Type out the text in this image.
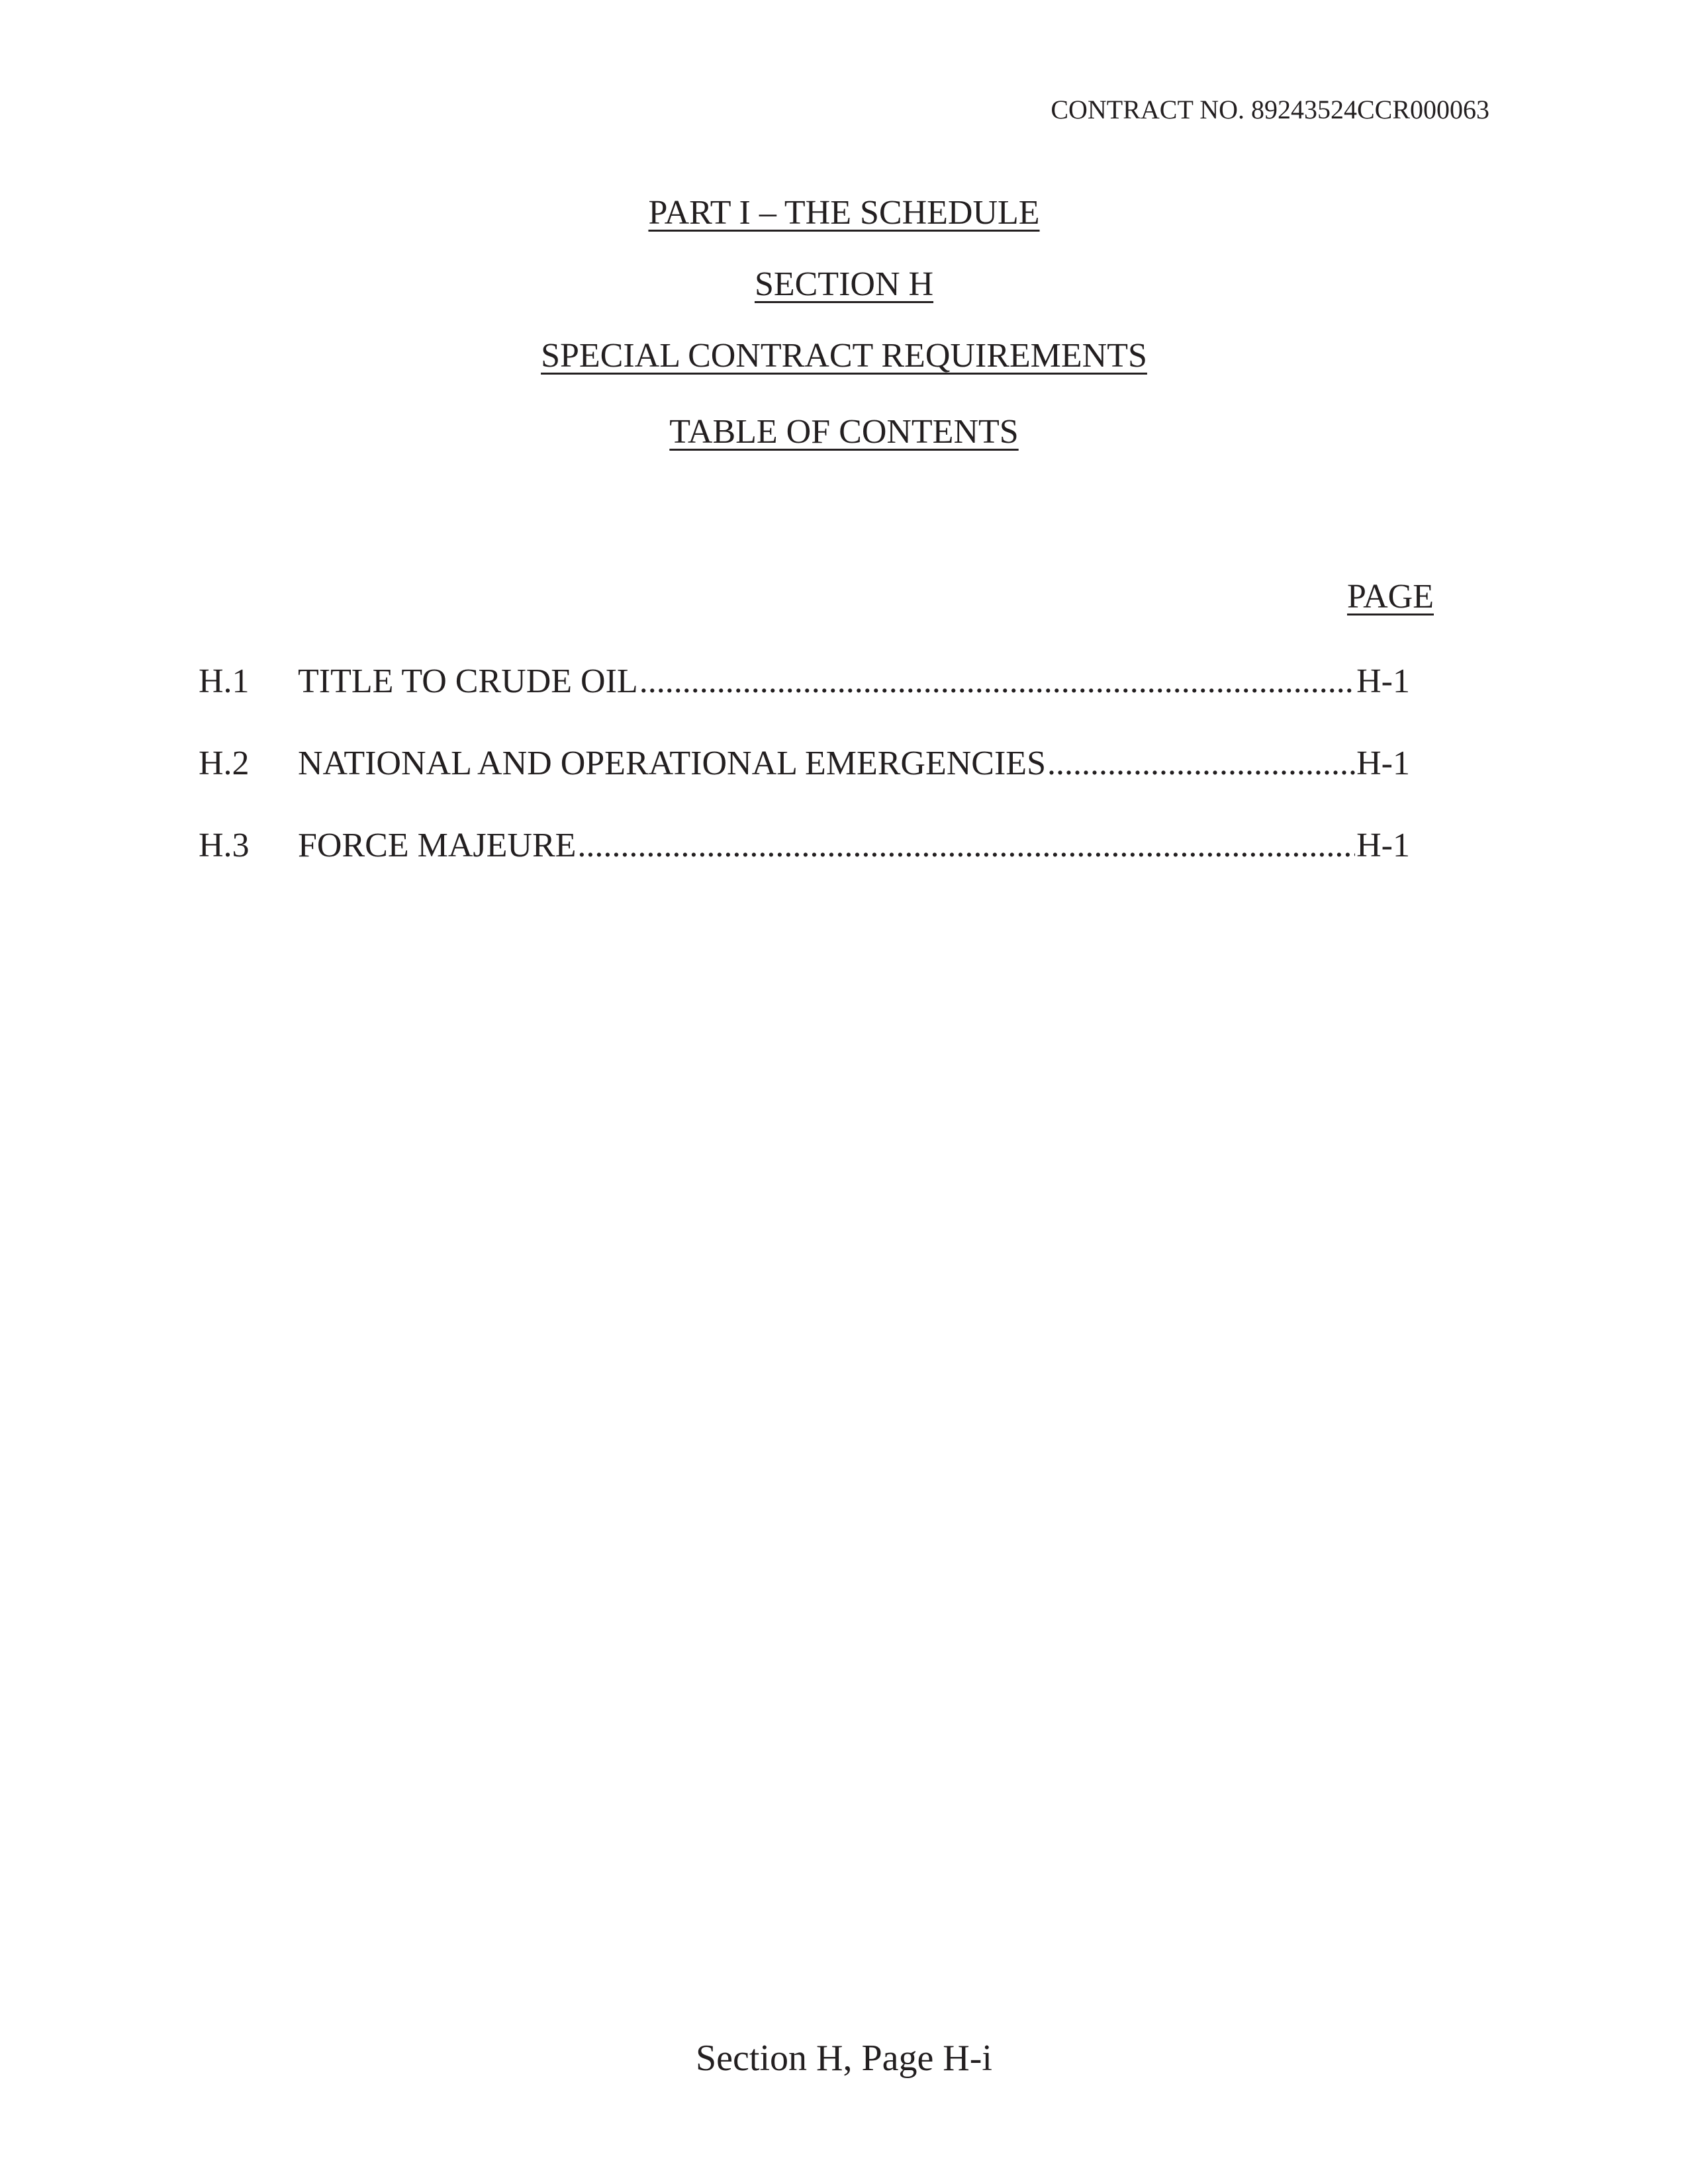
CONTRACT NO. 89243524CCR000063
PART I – THE SCHEDULE
SECTION H
SPECIAL CONTRACT REQUIREMENTS
TABLE OF CONTENTS
PAGE
H.1 TITLE TO CRUDE OIL .....	H-1
H.2 NATIONAL AND OPERATIONAL EMERGENCIES .....	H-1
H.3 FORCE MAJEURE .....	H-1
Section H, Page H-i
